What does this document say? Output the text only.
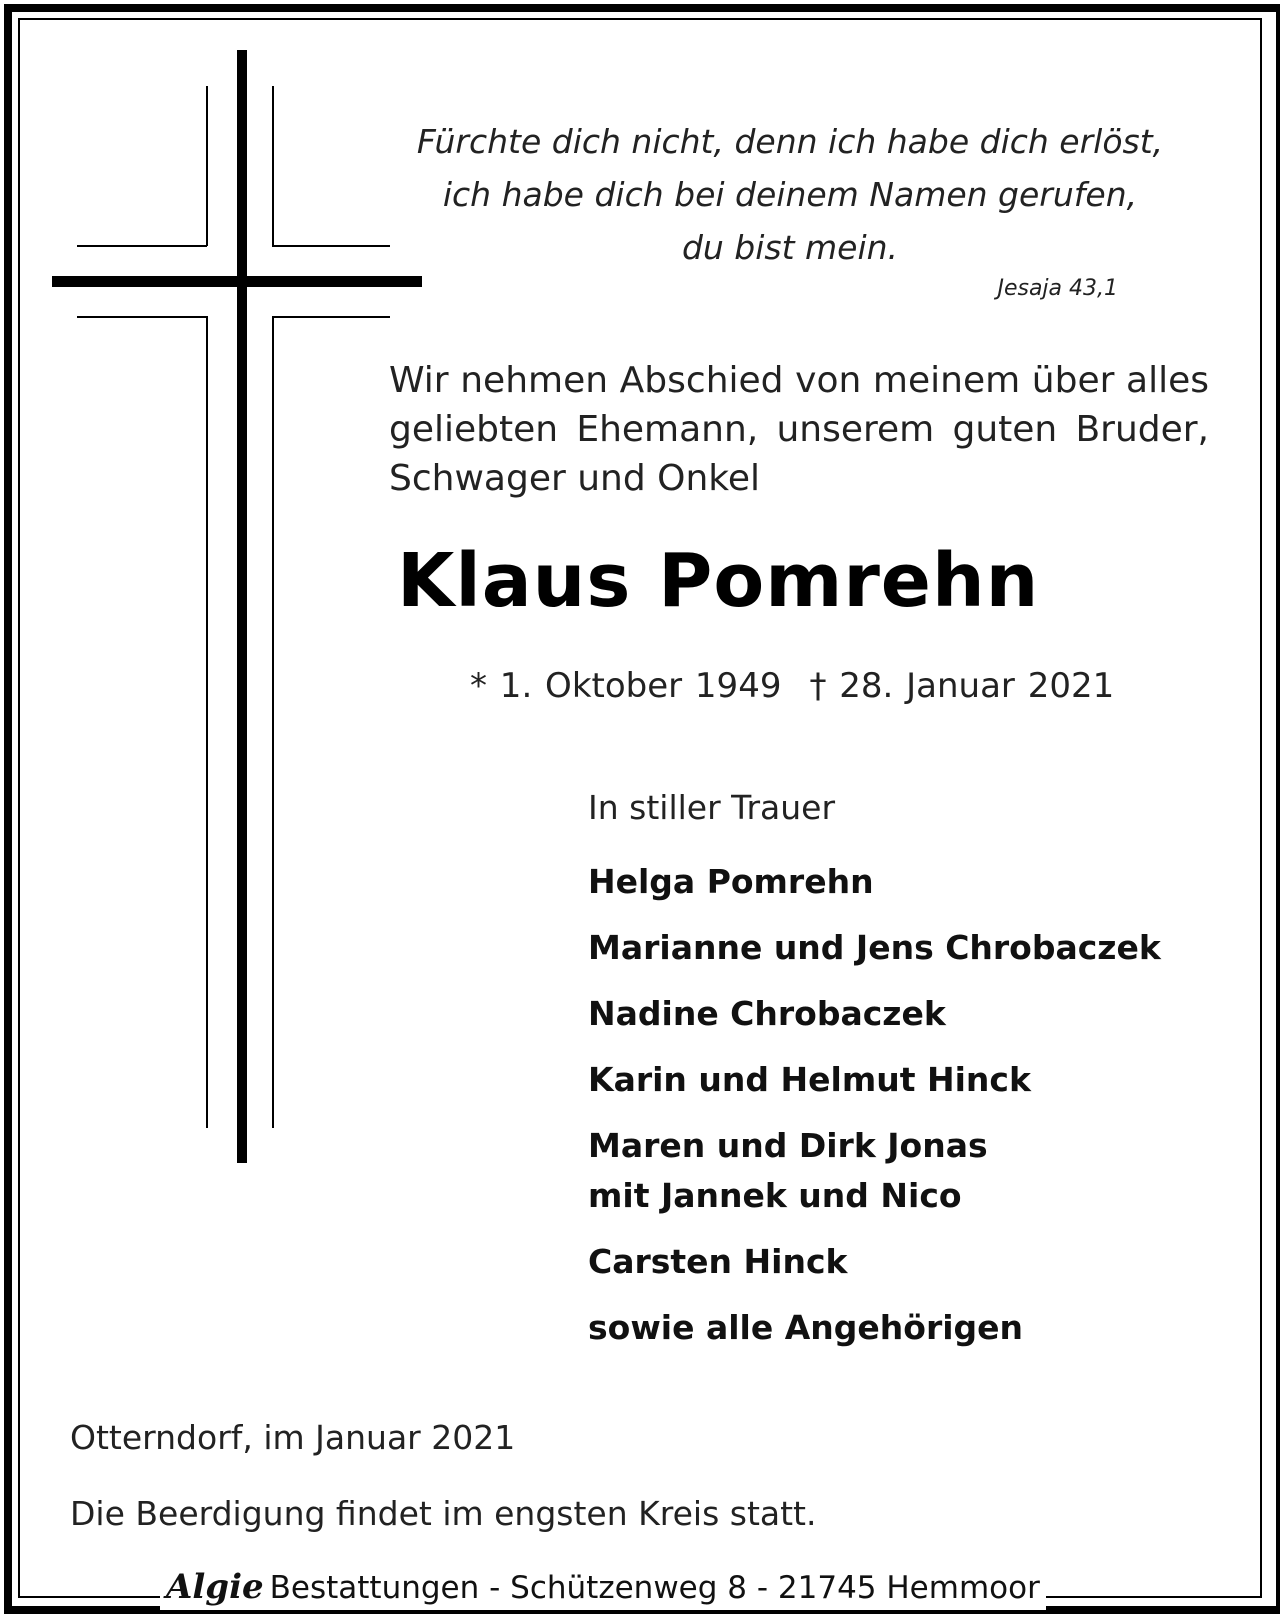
Fürchte dich nicht, denn ich habe dich erlöst,
ich habe dich bei deinem Namen gerufen,
du bist mein.
Jesaja 43,1
Wir nehmen Abschied von meinem über alles geliebten Ehemann, unserem guten Bruder, Schwager und Onkel
Klaus Pomrehn
* 1. Oktober 1949 † 28. Januar 2021
In stiller Trauer
Helga Pomrehn
Marianne und Jens Chrobaczek
Nadine Chrobaczek
Karin und Helmut Hinck
Maren und Dirk Jonas
mit Jannek und Nico
Carsten Hinck
sowie alle Angehörigen
Otterndorf, im Januar 2021
Die Beerdigung findet im engsten Kreis statt.
Algie Bestattungen - Schützenweg 8 - 21745 Hemmoor
